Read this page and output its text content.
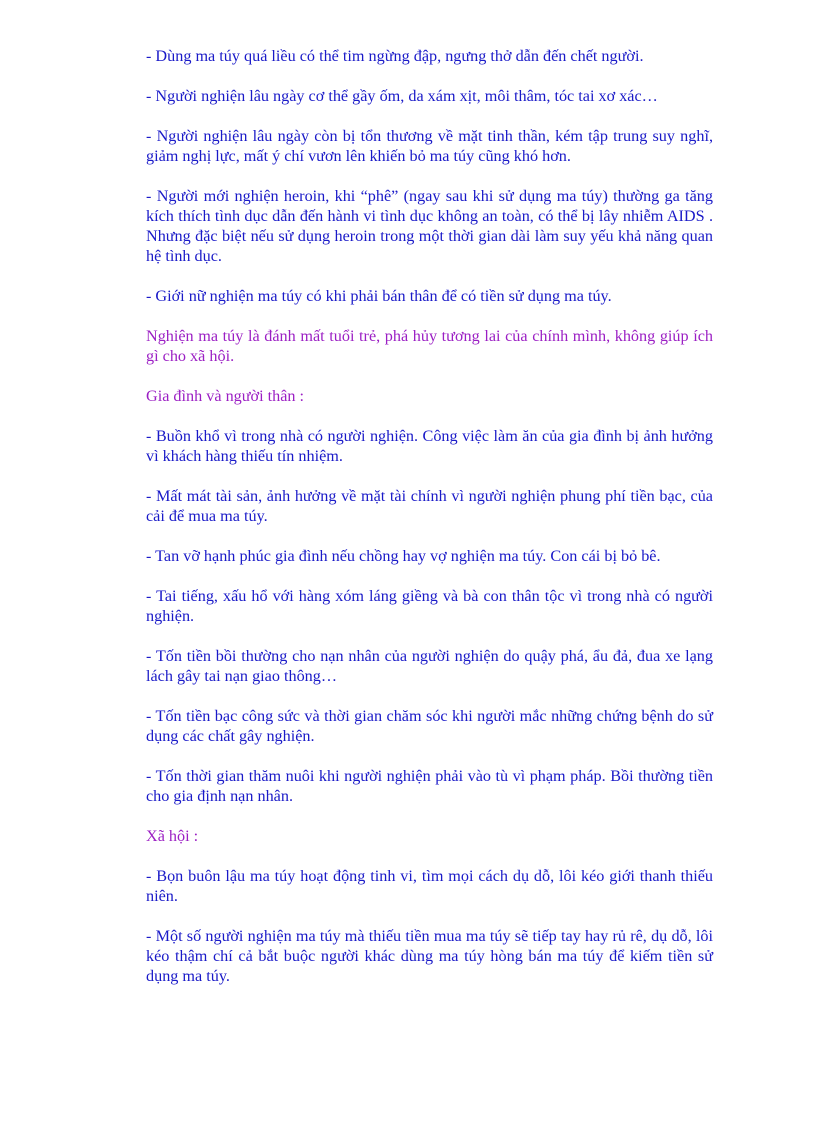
- Dùng ma túy quá liều có thể tim ngừng đập, ngưng thở dẫn đến chết người.

- Người nghiện lâu ngày cơ thể gầy ốm, da xám xịt, môi thâm, tóc tai xơ xác…

- Người nghiện lâu ngày còn bị tổn thương về mặt tinh thần, kém tập trung suy nghĩ, giảm nghị lực, mất ý chí vươn lên khiến bỏ ma túy cũng khó hơn.

- Người mới nghiện heroin, khi “phê” (ngay sau khi sử dụng ma túy) thường ga tăng kích thích tình dục dẫn đến hành vi tình dục không an toàn, có thể bị lây nhiễm AIDS . Nhưng đặc biệt nếu sử dụng heroin trong một thời gian dài làm suy yếu khả năng quan hệ tình dục.

- Giới nữ nghiện ma túy có khi phải bán thân để có tiền sử dụng ma túy.

Nghiện ma túy là đánh mất tuổi trẻ, phá hủy tương lai của chính mình, không giúp ích gì cho xã hội.

Gia đình và người thân :

- Buồn khổ vì trong nhà có người nghiện. Công việc làm ăn của gia đình bị ảnh hưởng vì khách hàng thiếu tín nhiệm.

- Mất mát tài sản, ảnh hưởng về mặt tài chính vì người nghiện phung phí tiền bạc, của cải để mua ma túy.

- Tan vỡ hạnh phúc gia đình nếu chồng hay vợ nghiện ma túy. Con cái bị bỏ bê.

- Tai tiếng, xấu hổ với hàng xóm láng giềng và bà con thân tộc vì trong nhà có người nghiện.

- Tốn tiền bồi thường cho nạn nhân của người nghiện do quậy phá, ẩu đả, đua xe lạng lách gây tai nạn giao thông…

- Tốn tiền bạc công sức và thời gian chăm sóc khi người mắc những chứng bệnh do sử dụng các chất gây nghiện.

- Tốn thời gian thăm nuôi khi người nghiện phải vào tù vì phạm pháp. Bồi thường tiền cho gia định nạn nhân.

Xã hội :

- Bọn buôn lậu ma túy hoạt động tinh vi, tìm mọi cách dụ dỗ, lôi kéo giới thanh thiếu niên.

- Một số người nghiện ma túy mà thiếu tiền mua ma túy sẽ tiếp tay hay rủ rê, dụ dỗ, lôi kéo thậm chí cả bắt buộc người khác dùng ma túy hòng bán ma túy để kiếm tiền sử dụng ma túy.
